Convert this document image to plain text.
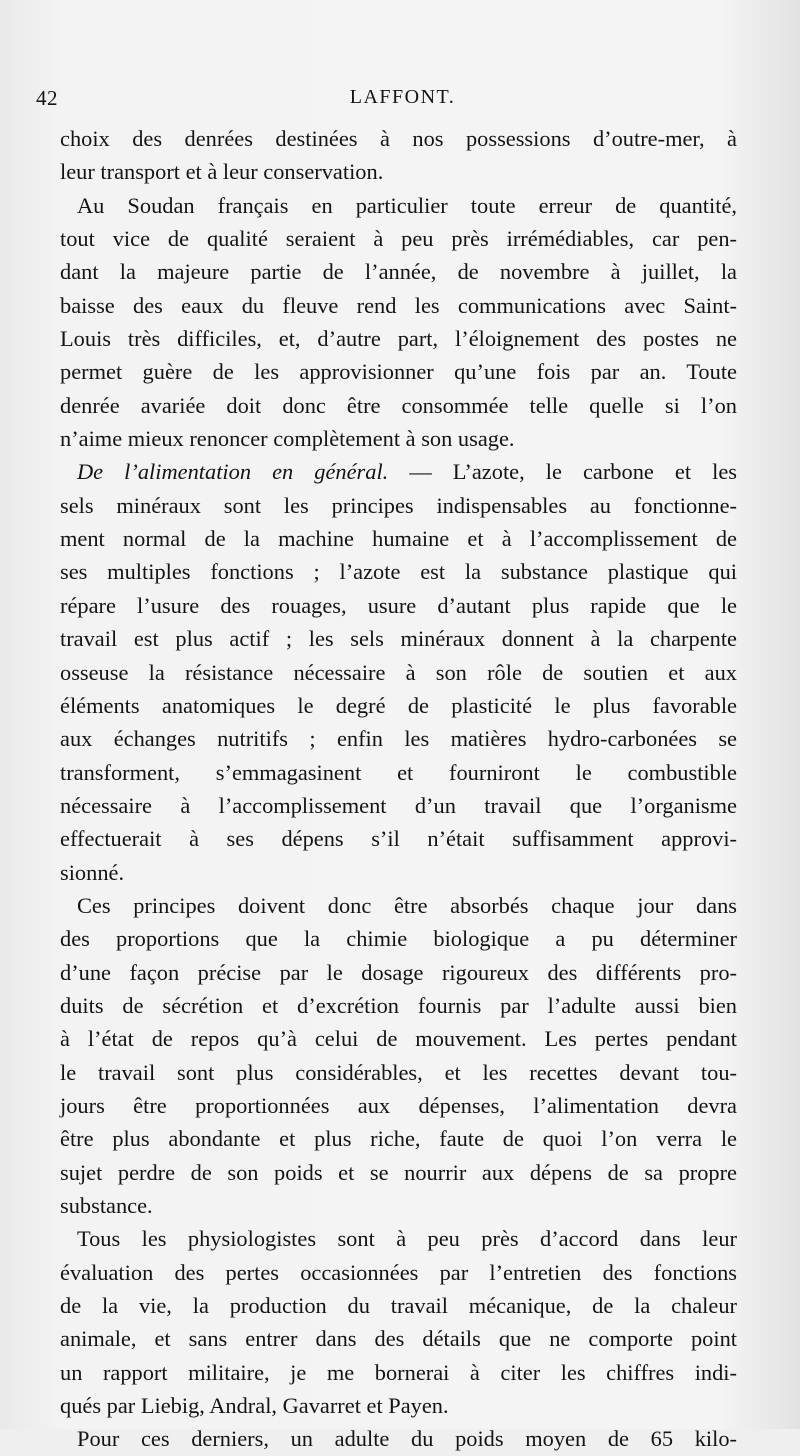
42	LAFFONT.
choix des denrées destinées à nos possessions d’outre-mer, à
leur transport et à leur conservation.
Au Soudan français en particulier toute erreur de quantité,
tout vice de qualité seraient à peu près irrémédiables, car pen-
dant la majeure partie de l’année, de novembre à juillet, la
baisse des eaux du fleuve rend les communications avec Saint-
Louis très difficiles, et, d’autre part, l’éloignement des postes ne
permet guère de les approvisionner qu’une fois par an. Toute
denrée avariée doit donc être consommée telle quelle si l’on
n’aime mieux renoncer complètement à son usage.
De l’alimentation en général. — L’azote, le carbone et les
sels minéraux sont les principes indispensables au fonctionne-
ment normal de la machine humaine et à l’accomplissement de
ses multiples fonctions ; l’azote est la substance plastique qui
répare l’usure des rouages, usure d’autant plus rapide que le
travail est plus actif ; les sels minéraux donnent à la charpente
osseuse la résistance nécessaire à son rôle de soutien et aux
éléments anatomiques le degré de plasticité le plus favorable
aux échanges nutritifs ; enfin les matières hydro-carbonées se
transforment, s’emmagasinent et fourniront le combustible
nécessaire à l’accomplissement d’un travail que l’organisme
effectuerait à ses dépens s’il n’était suffisamment approvi-
sionné.
Ces principes doivent donc être absorbés chaque jour dans
des proportions que la chimie biologique a pu déterminer
d’une façon précise par le dosage rigoureux des différents pro-
duits de sécrétion et d’excrétion fournis par l’adulte aussi bien
à l’état de repos qu’à celui de mouvement. Les pertes pendant
le travail sont plus considérables, et les recettes devant tou-
jours être proportionnées aux dépenses, l’alimentation devra
être plus abondante et plus riche, faute de quoi l’on verra le
sujet perdre de son poids et se nourrir aux dépens de sa propre
substance.
Tous les physiologistes sont à peu près d’accord dans leur
évaluation des pertes occasionnées par l’entretien des fonctions
de la vie, la production du travail mécanique, de la chaleur
animale, et sans entrer dans des détails que ne comporte point
un rapport militaire, je me bornerai à citer les chiffres indi-
qués par Liebig, Andral, Gavarret et Payen.
Pour ces derniers, un adulte du poids moyen de 65 kilo-
